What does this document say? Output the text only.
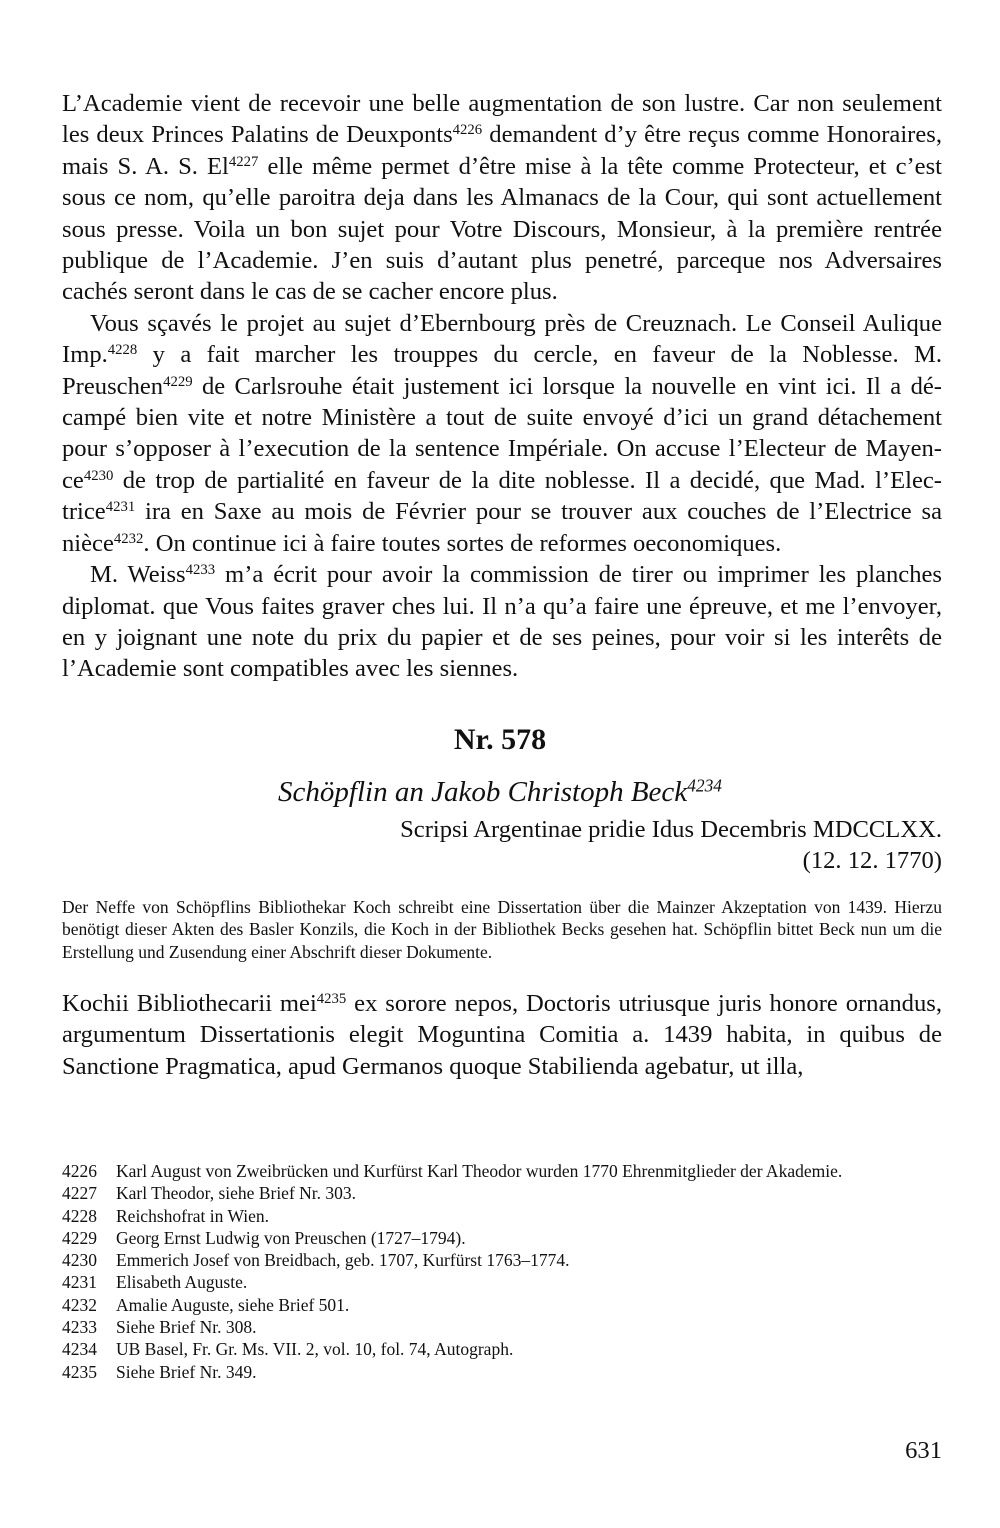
L’Academie vient de recevoir une belle augmentation de son lustre. Car non seulement les deux Princes Palatins de Deuxponts$^{4226}$ demandent d’y être reçus comme Honoraires, mais S. A. S. $El^{4227}$ elle même permet d’être mise à la tête comme Protecteur, et c’est sous ce nom, qu’elle paroitra deja dans les Almanacs de la Cour, qui sont actuellement sous presse. Voila un bon sujet pour Votre Discours, Monsieur, à la première rentrée publique de l’Academie. J’en suis d’autant plus penetré, parceque nos Adversaires cachés seront dans le cas de se cacher encore plus.

Vous sçavés le projet au sujet d’Ebernbourg près de Creuznach. Le Conseil Aulique Imp.$^{4228}$ y a fait marcher les trouppes du cercle, en faveur de la Noblesse. M. Preuschen$^{4229}$ de Carlsrouhe était justement ici lorsque la nouvelle en vint ici. Il a décampé bien vite et notre Ministère a tout de suite envoyé d’ici un grand détachement pour s’opposer à l’execution de la sentence Impériale. On accuse l’Electeur de Mayence$^{4230}$ de trop de partialité en faveur de la dite noblesse. Il a decidé, que Mad. l’Electrice$^{4231}$ ira en Saxe au mois de Février pour se trouver aux couches de l’Electrice sa nièce$^{4232}$. On continue ici à faire toutes sortes de reformes oeconomiques.

M. Weiss$^{4233}$ m’a écrit pour avoir la commission de tirer ou imprimer les planches diplomat. que Vous faites graver ches lui. Il n’a qu’a faire une épreuve, et me l’envoyer, en y joignant une note du prix du papier et de ses peines, pour voir si les interêts de l’Academie sont compatibles avec les siennes.

Nr. 578
Schöpflin an Jakob Christoph Beck$^{4234}$
Scripsi Argentinae pridie Idus Decembris MDCCLXX.
(12. 12. 1770)
Der Neffe von Schöpflins Bibliothekar Koch schreibt eine Dissertation über die Mainzer Akzeptation von 1439. Hierzu benötigt dieser Akten des Basler Konzils, die Koch in der Bibliothek Becks gesehen hat. Schöpflin bittet Beck nun um die Erstellung und Zusendung einer Abschrift dieser Dokumente.

Kochii Bibliothecarii mei$^{4235}$ ex sorore nepos, Doctoris utriusque juris honore ornandus, argumentum Dissertationis elegit Moguntina Comitia a. 1439 habita, in quibus de Sanctione Pragmatica, apud Germanos quoque Stabilienda agebatur, ut illa,

4226	Karl August von Zweibrücken und Kurfürst Karl Theodor wurden 1770 Ehrenmitglieder der Akademie.
4227	Karl Theodor, siehe Brief Nr. 303.
4228	Reichshofrat in Wien.
4229	Georg Ernst Ludwig von Preuschen (1727–1794).
4230	Emmerich Josef von Breidbach, geb. 1707, Kurfürst 1763–1774.
4231	Elisabeth Auguste.
4232	Amalie Auguste, siehe Brief 501.
4233	Siehe Brief Nr. 308.
4234	UB Basel, Fr. Gr. Ms. VII. 2, vol. 10, fol. 74, Autograph.
4235	Siehe Brief Nr. 349.
631
